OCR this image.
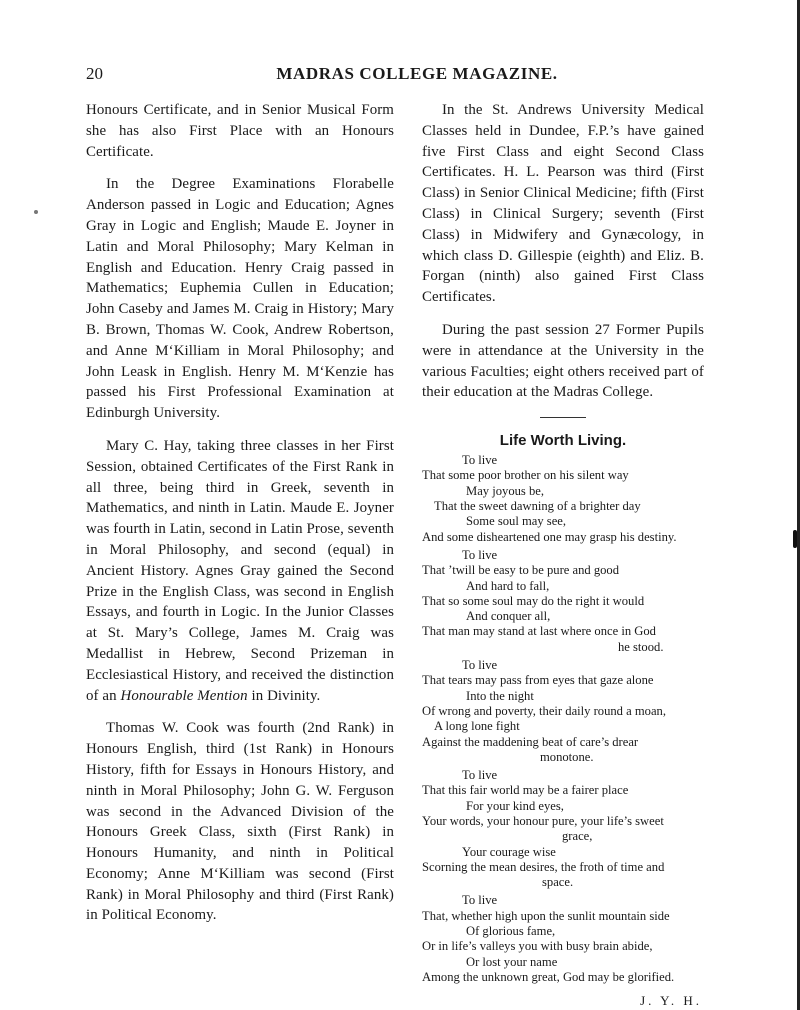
20	MADRAS COLLEGE MAGAZINE.

Honours Certificate, and in Senior Musical Form she has also First Place with an Honours Certificate.

In the Degree Examinations Florabelle Anderson passed in Logic and Education; Agnes Gray in Logic and English; Maude E. Joyner in Latin and Moral Philosophy; Mary Kelman in English and Education. Henry Craig passed in Mathematics; Euphemia Cullen in Education; John Caseby and James M. Craig in History; Mary B. Brown, Thomas W. Cook, Andrew Robertson, and Anne M‘Killiam in Moral Philosophy; and John Leask in English. Henry M. M‘Kenzie has passed his First Professional Examination at Edinburgh University.

Mary C. Hay, taking three classes in her First Session, obtained Certificates of the First Rank in all three, being third in Greek, seventh in Mathematics, and ninth in Latin. Maude E. Joyner was fourth in Latin, second in Latin Prose, seventh in Moral Philosophy, and second (equal) in Ancient History. Agnes Gray gained the Second Prize in the English Class, was second in English Essays, and fourth in Logic. In the Junior Classes at St. Mary’s College, James M. Craig was Medallist in Hebrew, Second Prizeman in Ecclesiastical History, and received the distinction of an Honourable Mention in Divinity.

Thomas W. Cook was fourth (2nd Rank) in Honours English, third (1st Rank) in Honours History, fifth for Essays in Honours History, and ninth in Moral Philosophy; John G. W. Ferguson was second in the Advanced Division of the Honours Greek Class, sixth (First Rank) in Honours Humanity, and ninth in Political Economy; Anne M‘Killiam was second (First Rank) in Moral Philosophy and third (First Rank) in Political Economy.

In the St. Andrews University Medical Classes held in Dundee, F.P.’s have gained five First Class and eight Second Class Certificates. H. L. Pearson was third (First Class) in Senior Clinical Medicine; fifth (First Class) in Clinical Surgery; seventh (First Class) in Midwifery and Gynæcology, in which class D. Gillespie (eighth) and Eliz. B. Forgan (ninth) also gained First Class Certificates.

During the past session 27 Former Pupils were in attendance at the University in the various Faculties; eight others received part of their education at the Madras College.

Life Worth Living.
To live
That some poor brother on his silent way
May joyous be,
That the sweet dawning of a brighter day
Some soul may see,
And some disheartened one may grasp his destiny.
To live
That ’twill be easy to be pure and good
And hard to fall,
That so some soul may do the right it would
And conquer all,
That man may stand at last where once in God
he stood.
To live
That tears may pass from eyes that gaze alone
Into the night
Of wrong and poverty, their daily round a moan,
A long lone fight
Against the maddening beat of care’s drear
monotone.
To live
That this fair world may be a fairer place
For your kind eyes,
Your words, your honour pure, your life’s sweet
grace,
Your courage wise
Scorning the mean desires, the froth of time and
space.
To live
That, whether high upon the sunlit mountain side
Of glorious fame,
Or in life’s valleys you with busy brain abide,
Or lost your name
Among the unknown great, God may be glorified.
J. Y. H.
